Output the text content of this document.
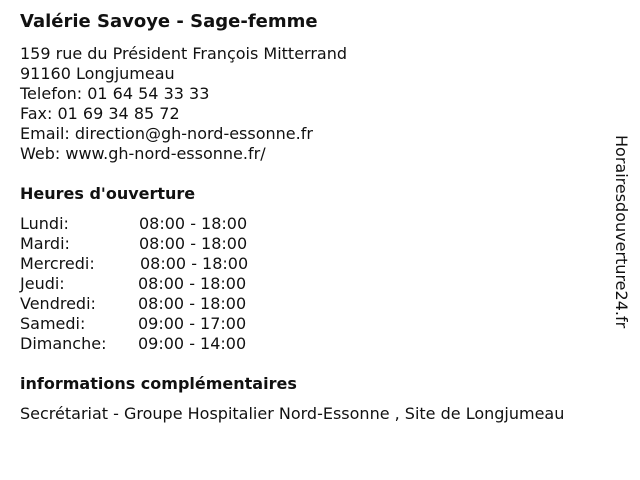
Valérie Savoye - Sage-femme
159 rue du Président François Mitterrand
91160 Longjumeau
Telefon: 01 64 54 33 33
Fax: 01 69 34 85 72
Email: direction@gh-nord-essonne.fr
Web: www.gh-nord-essonne.fr/
Heures d'ouverture
Lundi:	08:00 - 18:00
Mardi:	08:00 - 18:00
Mercredi:	08:00 - 18:00
Jeudi:	08:00 - 18:00
Vendredi:	08:00 - 18:00
Samedi:	09:00 - 17:00
Dimanche: 09:00 - 14:00
informations complémentaires
Secrétariat - Groupe Hospitalier Nord-Essonne , Site de Longjumeau
Horairesdouverture24.fr
